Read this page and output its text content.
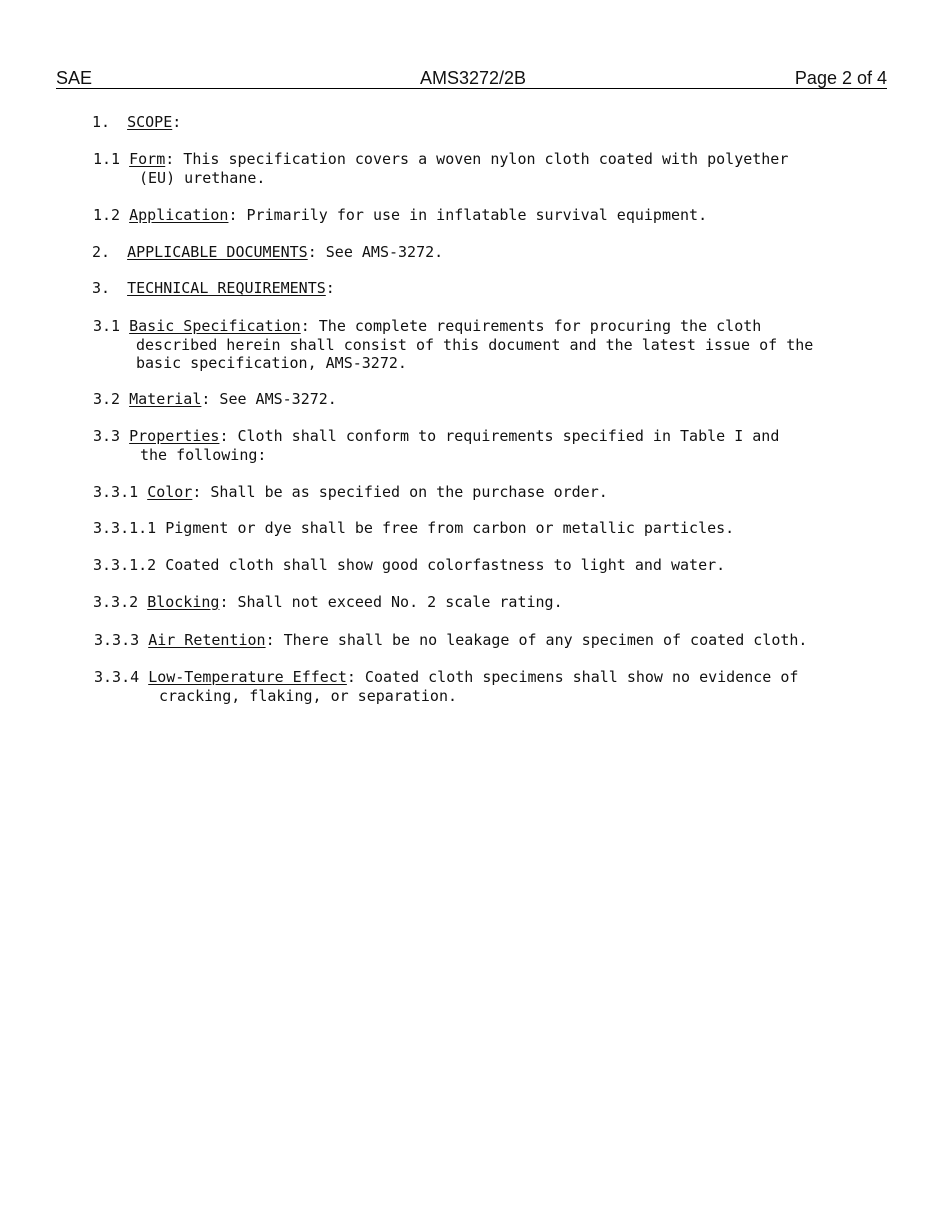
SAE	AMS3272/2B	Page 2 of 4
1. SCOPE:
1.1 Form: This specification covers a woven nylon cloth coated with polyether
(EU) urethane.
1.2 Application: Primarily for use in inflatable survival equipment.
2. APPLICABLE DOCUMENTS: See AMS-3272.
3. TECHNICAL REQUIREMENTS:
3.1 Basic Specification: The complete requirements for procuring the cloth
described herein shall consist of this document and the latest issue of the
basic specification, AMS-3272.
3.2 Material: See AMS-3272.
3.3 Properties: Cloth shall conform to requirements specified in Table I and
the following:
3.3.1 Color: Shall be as specified on the purchase order.
3.3.1.1 Pigment or dye shall be free from carbon or metallic particles.
3.3.1.2 Coated cloth shall show good colorfastness to light and water.
3.3.2 Blocking: Shall not exceed No. 2 scale rating.
3.3.3 Air Retention: There shall be no leakage of any specimen of coated cloth.
3.3.4 Low-Temperature Effect: Coated cloth specimens shall show no evidence of
cracking, flaking, or separation.
